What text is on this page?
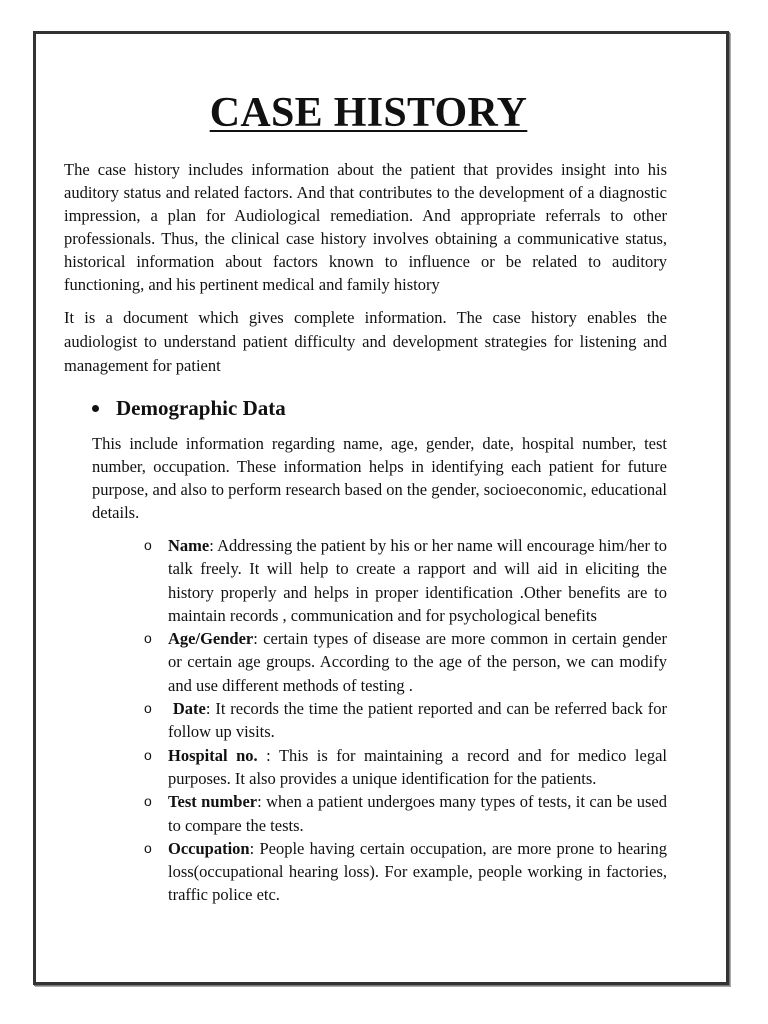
CASE HISTORY

The case history includes information about the patient that provides insight into his auditory status and related factors. And that contributes to the development of a diagnostic impression, a plan for Audiological remediation. And appropriate referrals to other professionals. Thus, the clinical case history involves obtaining a communicative status, historical information about factors known to influence or be related to auditory functioning, and his pertinent medical and family history

It is a document which gives complete information. The case history enables the audiologist to understand patient difficulty and development strategies for listening and management for patient

Demographic Data

This include information regarding name, age, gender, date, hospital number, test number, occupation. These information helps in identifying each patient for future purpose, and also to perform research based on the gender, socioeconomic, educational details.

o Name: Addressing the patient by his or her name will encourage him/her to talk freely. It will help to create a rapport and will aid in eliciting the history properly and helps in proper identification .Other benefits are to maintain records , communication and for psychological benefits
o Age/Gender: certain types of disease are more common in certain gender or certain age groups. According to the age of the person, we can modify and use different methods of testing .
o Date: It records the time the patient reported and can be referred back for follow up visits.
o Hospital no. : This is for maintaining a record and for medico legal purposes. It also provides a unique identification for the patients.
o Test number: when a patient undergoes many types of tests, it can be used to compare the tests.
o Occupation: People having certain occupation, are more prone to hearing loss(occupational hearing loss). For example, people working in factories, traffic police etc.
